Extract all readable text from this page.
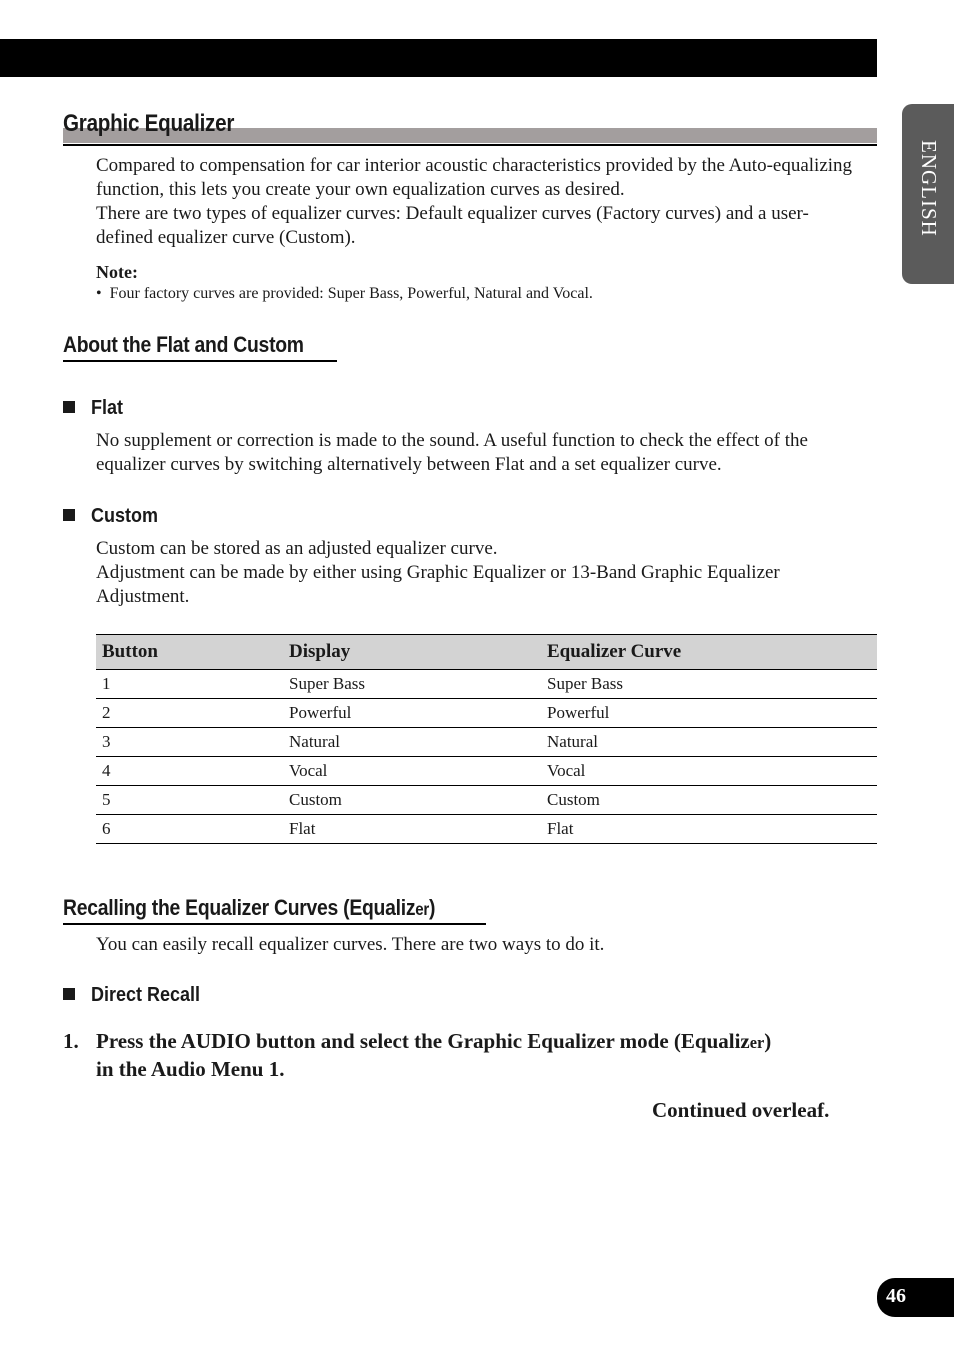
ENGLISH
Graphic Equalizer
Compared to compensation for car interior acoustic characteristics provided by the Auto-equalizing function, this lets you create your own equalization curves as desired.
There are two types of equalizer curves: Default equalizer curves (Factory curves) and a user-defined equalizer curve (Custom).
Note:
•  Four factory curves are provided: Super Bass, Powerful, Natural and Vocal.
About the Flat and Custom
Flat
No supplement or correction is made to the sound. A useful function to check the effect of the equalizer curves by switching alternatively between Flat and a set equalizer curve.
Custom
Custom can be stored as an adjusted equalizer curve.
Adjustment can be made by either using Graphic Equalizer or 13-Band Graphic Equalizer Adjustment.
Button	Display	Equalizer Curve
1	Super Bass	Super Bass
2	Powerful	Powerful
3	Natural	Natural
4	Vocal	Vocal
5	Custom	Custom
6	Flat	Flat
Recalling the Equalizer Curves (Equalizer)
You can easily recall equalizer curves. There are two ways to do it.
Direct Recall
1. Press the AUDIO button and select the Graphic Equalizer mode (Equalizer)
in the Audio Menu 1.
Continued overleaf.
46
